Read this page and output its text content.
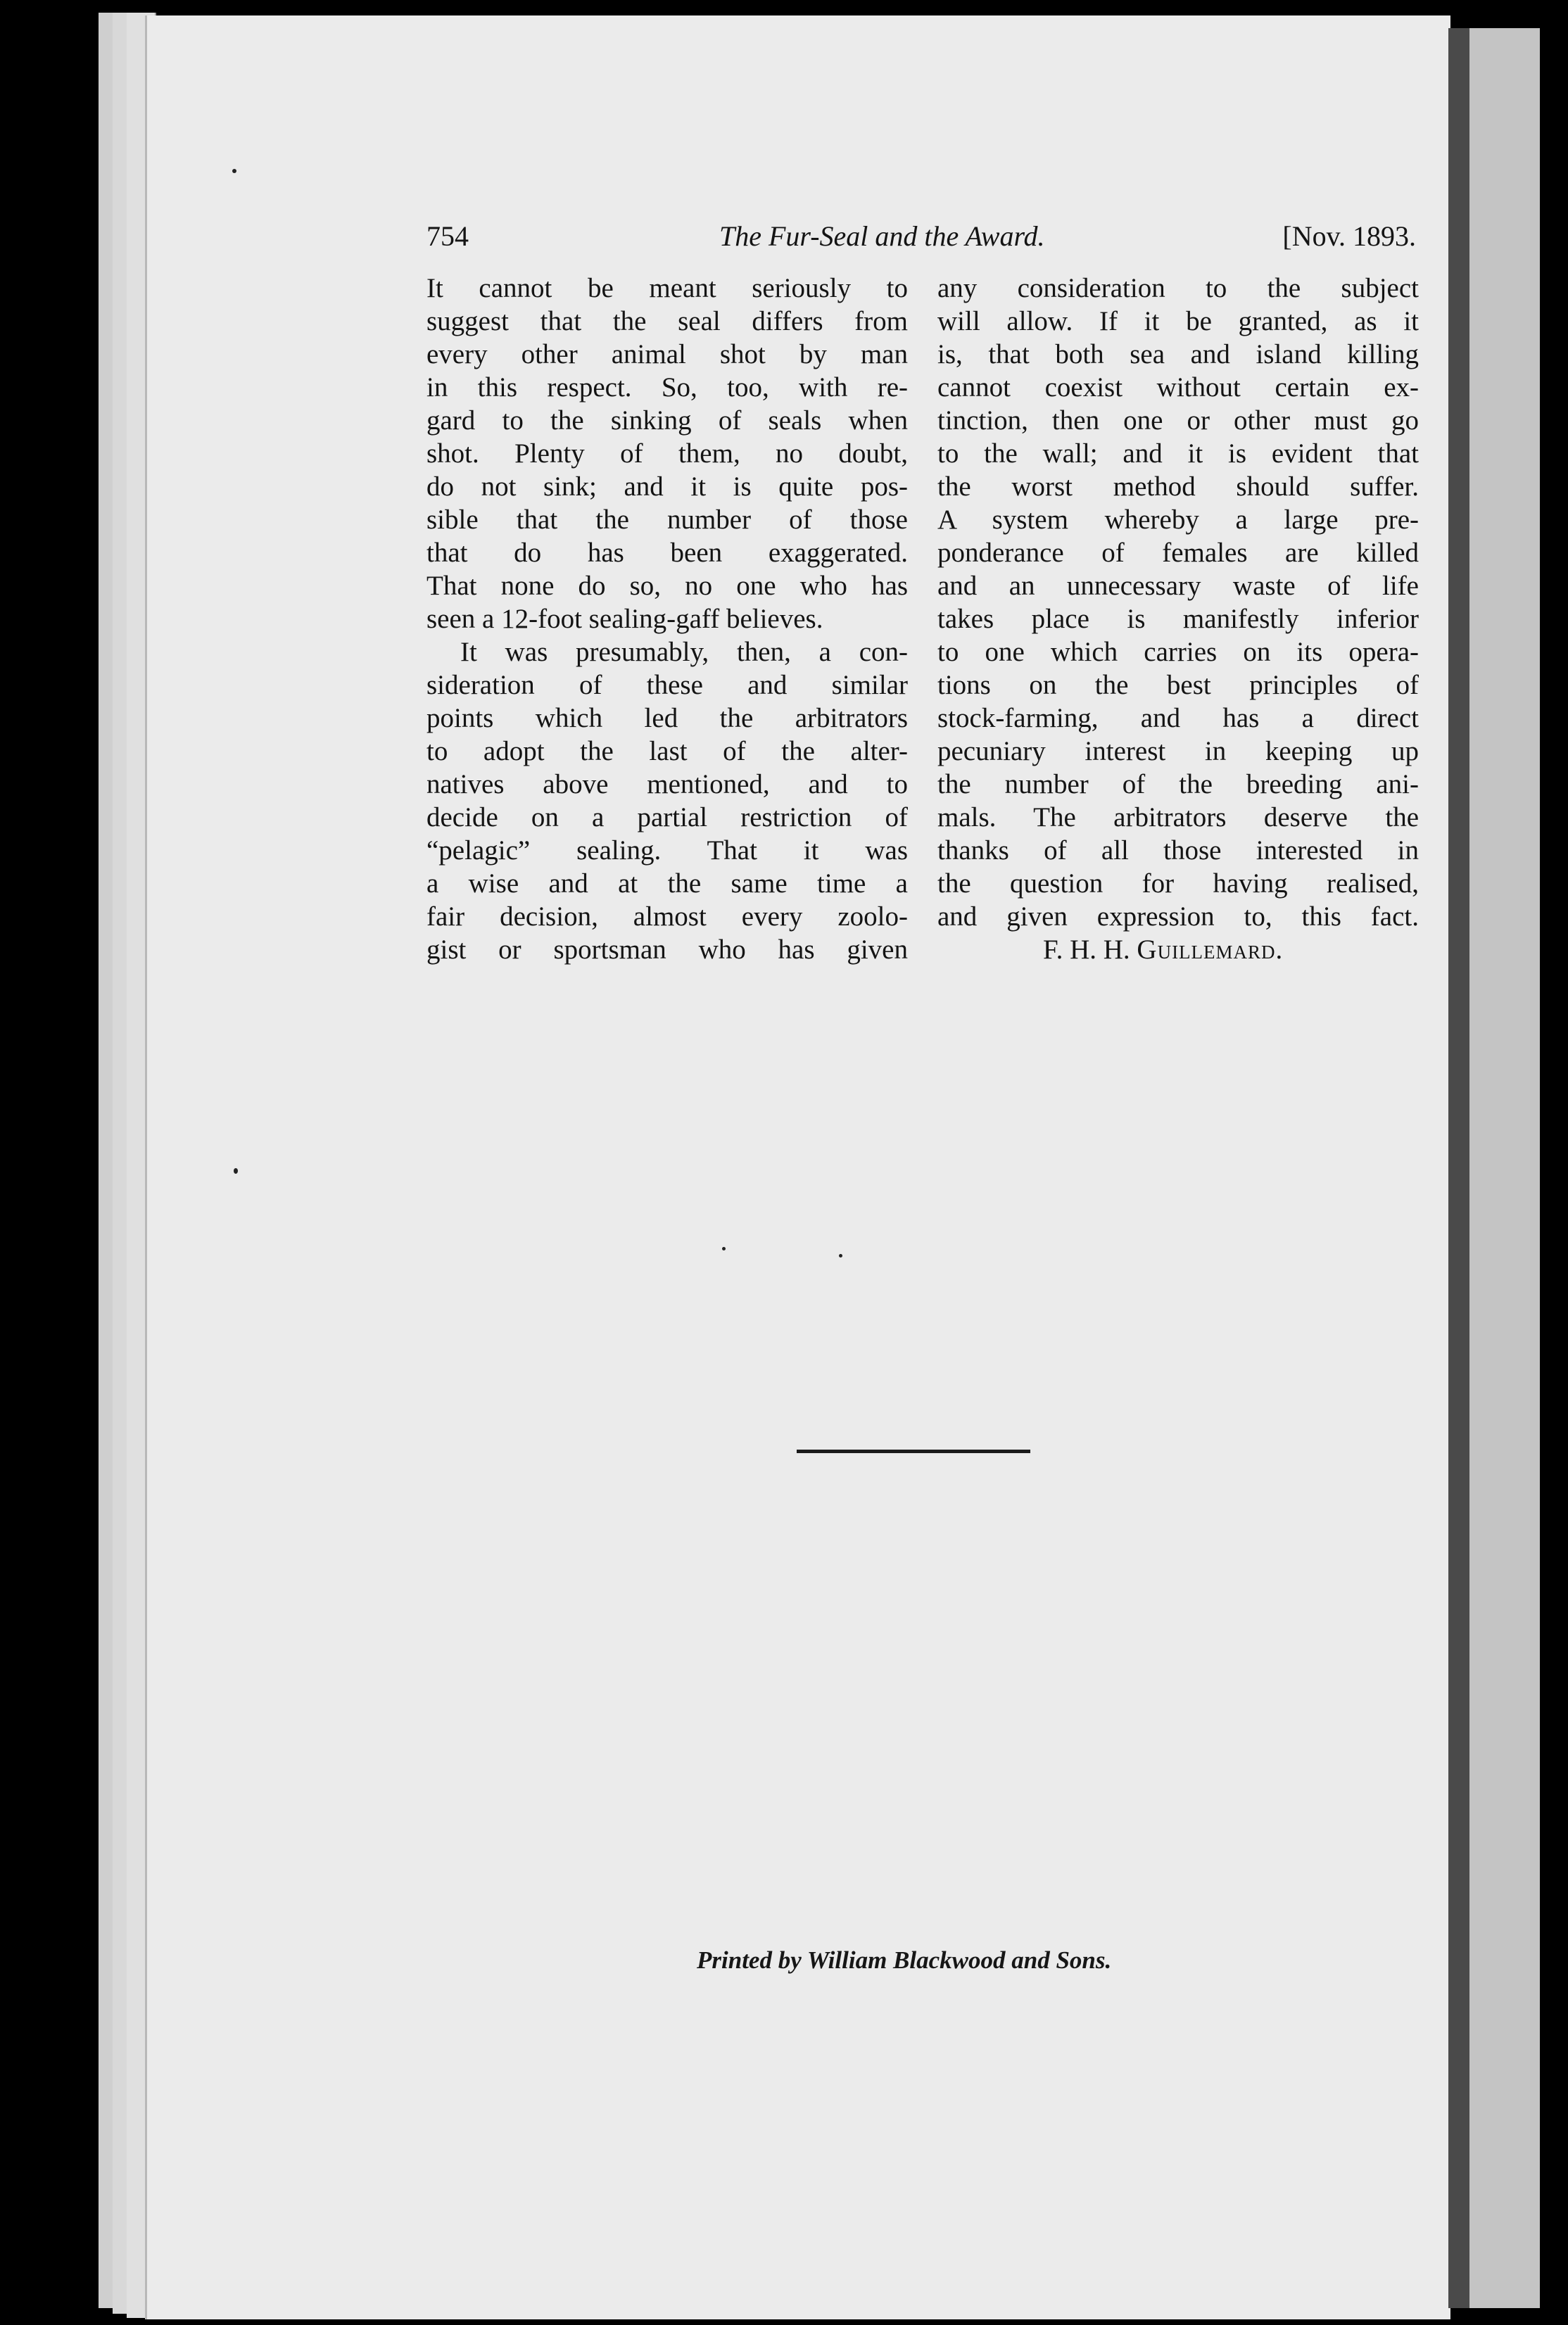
754	The Fur-Seal and the Award.	[Nov. 1893.
It cannot be meant seriously to
suggest that the seal differs from
every other animal shot by man
in this respect. So, too, with re-
gard to the sinking of seals when
shot. Plenty of them, no doubt,
do not sink; and it is quite pos-
sible that the number of those
that do has been exaggerated.
That none do so, no one who has
seen a 12-foot sealing-gaff believes.
It was presumably, then, a con-
sideration of these and similar
points which led the arbitrators
to adopt the last of the alter-
natives above mentioned, and to
decide on a partial restriction of
“pelagic” sealing. That it was
a wise and at the same time a
fair decision, almost every zoolo-
gist or sportsman who has given
any consideration to the subject
will allow. If it be granted, as it
is, that both sea and island killing
cannot coexist without certain ex-
tinction, then one or other must go
to the wall; and it is evident that
the worst method should suffer.
A system whereby a large pre-
ponderance of females are killed
and an unnecessary waste of life
takes place is manifestly inferior
to one which carries on its opera-
tions on the best principles of
stock-farming, and has a direct
pecuniary interest in keeping up
the number of the breeding ani-
mals. The arbitrators deserve the
thanks of all those interested in
the question for having realised,
and given expression to, this fact.
F. H. H. Guillemard.
Printed by William Blackwood and Sons.
